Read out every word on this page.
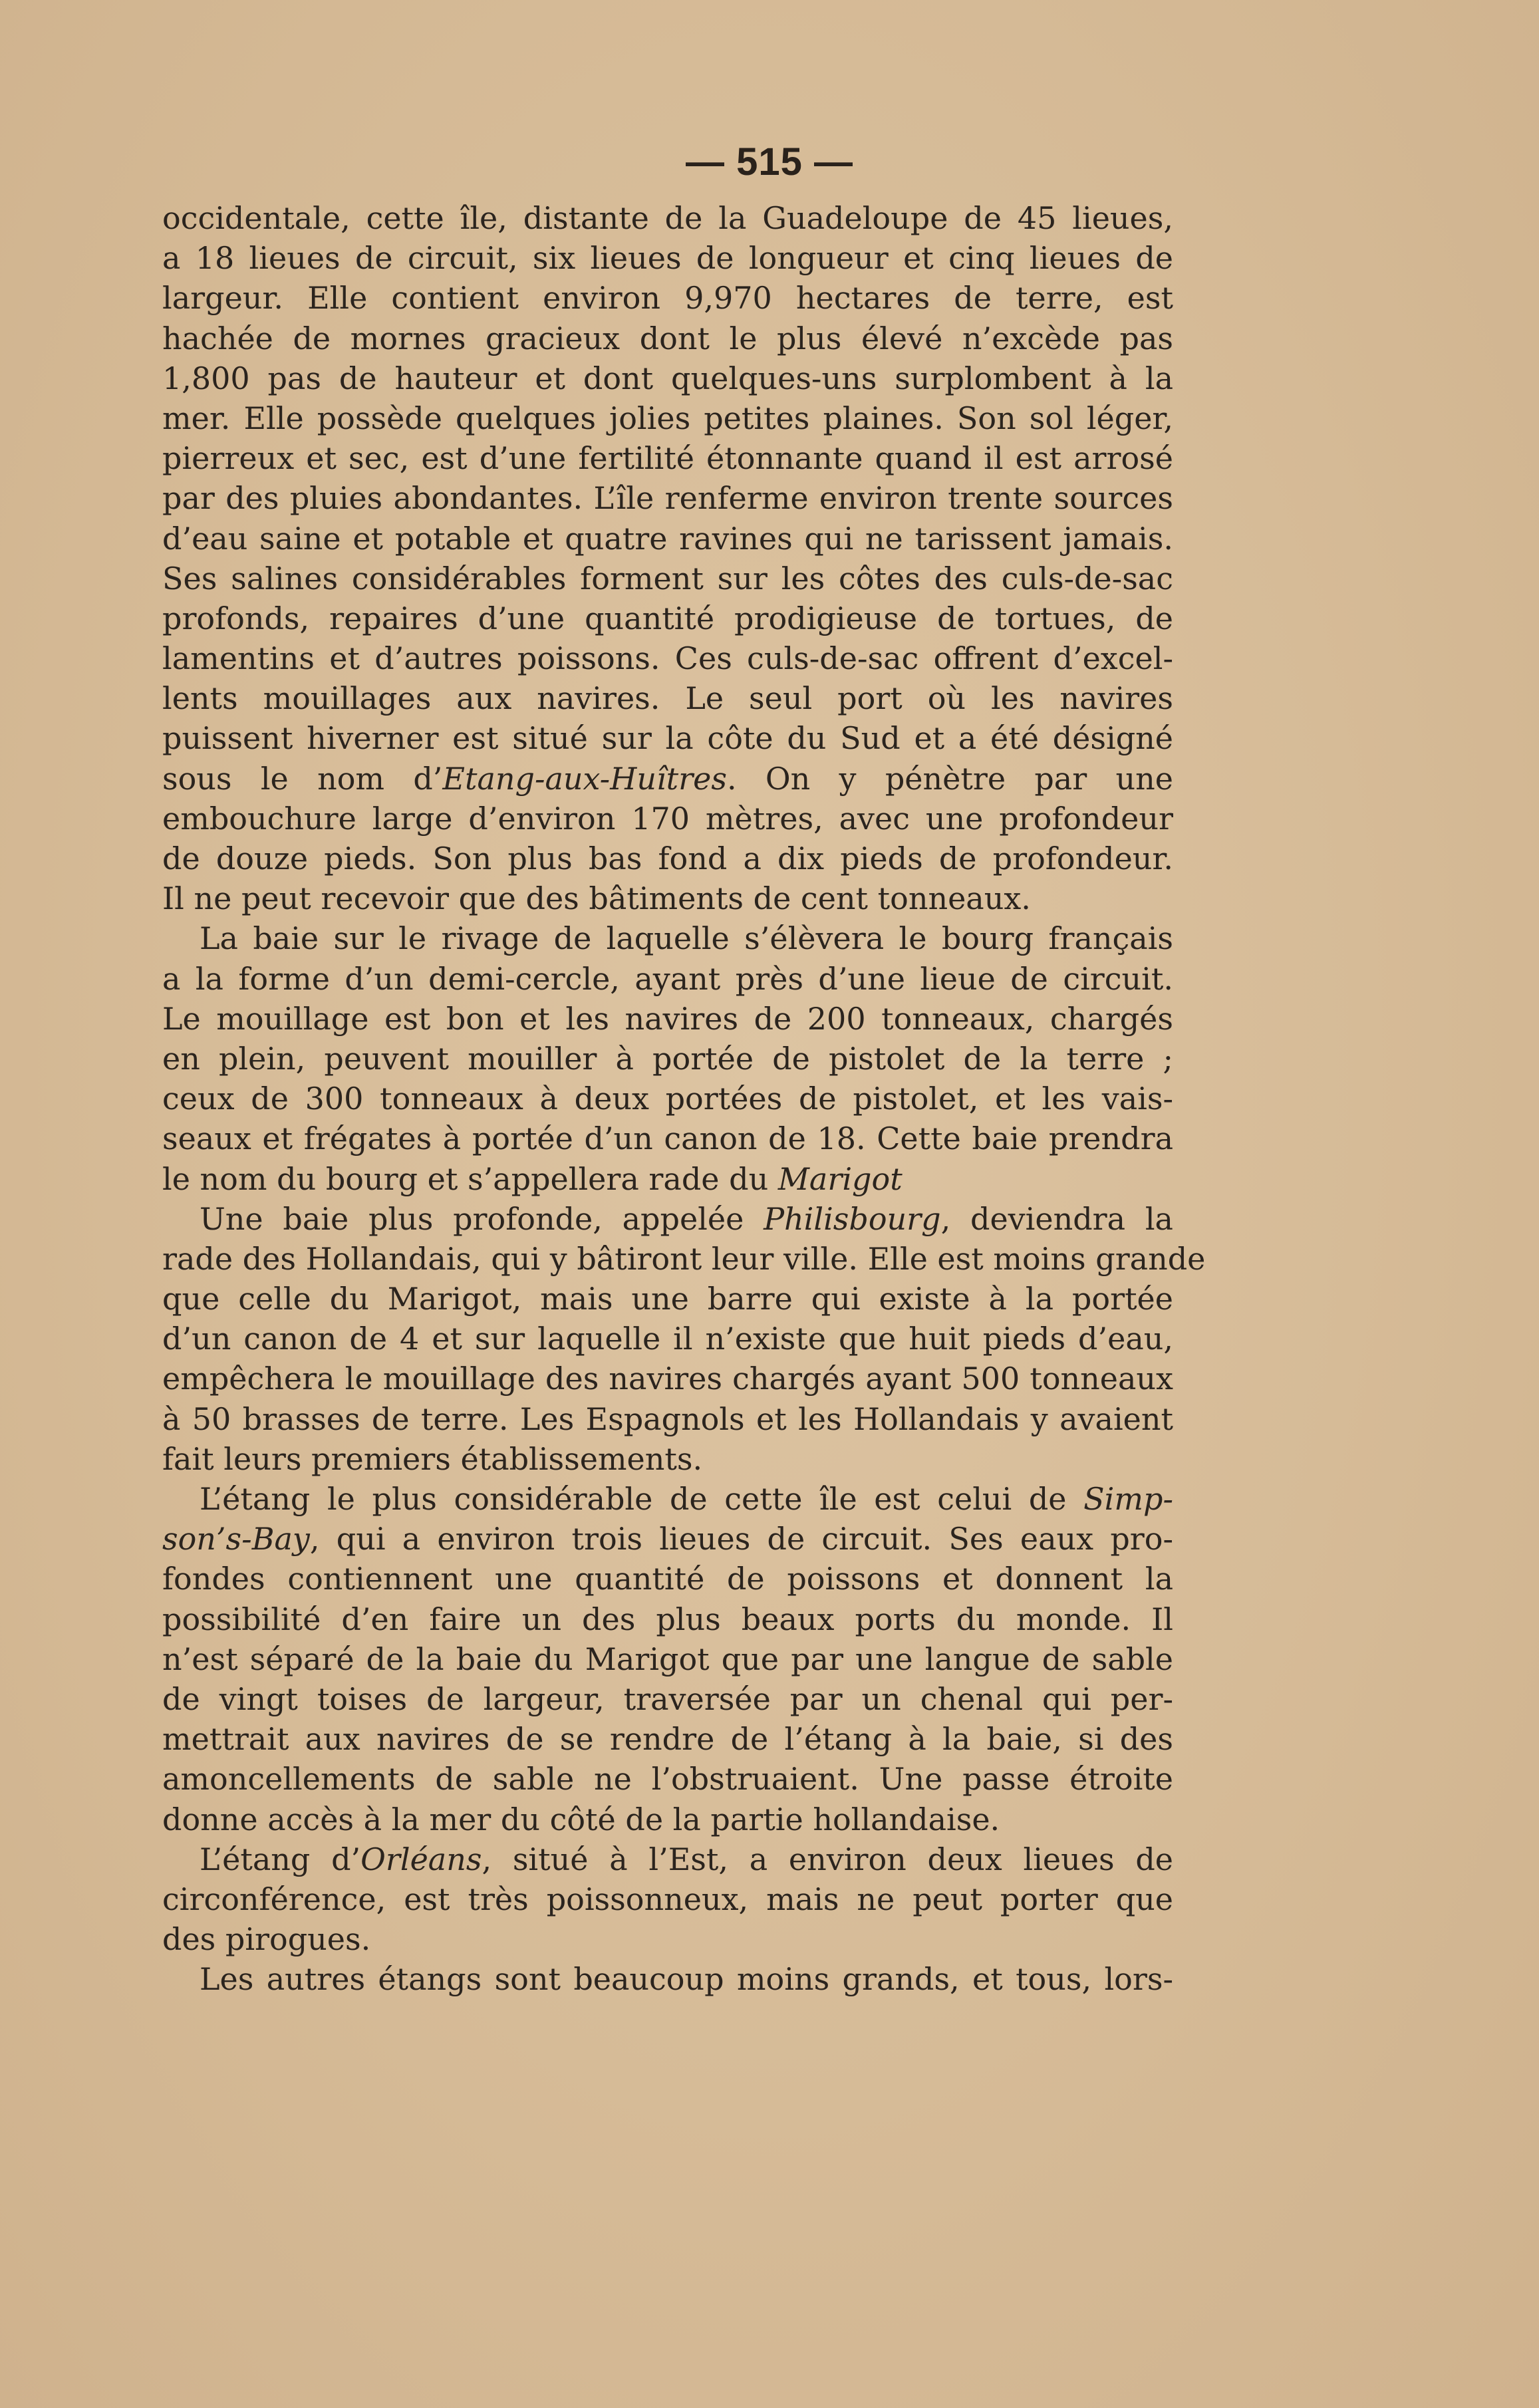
— 515 —
occidentale, cette île, distante de la Guadeloupe de 45 lieues,
a 18 lieues de circuit, six lieues de longueur et cinq lieues de
largeur. Elle contient environ 9,970 hectares de terre, est
hachée de mornes gracieux dont le plus élevé n’excède pas
1,800 pas de hauteur et dont quelques-uns surplombent à la
mer. Elle possède quelques jolies petites plaines. Son sol léger,
pierreux et sec, est d’une fertilité étonnante quand il est arrosé
par des pluies abondantes. L’île renferme environ trente sources
d’eau saine et potable et quatre ravines qui ne tarissent jamais.
Ses salines considérables forment sur les côtes des culs-de-sac
profonds, repaires d’une quantité prodigieuse de tortues, de
lamentins et d’autres poissons. Ces culs-de-sac offrent d’excel-
lents mouillages aux navires. Le seul port où les navires
puissent hiverner est situé sur la côte du Sud et a été désigné
sous le nom d’Etang-aux-Huîtres. On y pénètre par une
embouchure large d’environ 170 mètres, avec une profondeur
de douze pieds. Son plus bas fond a dix pieds de profondeur.
Il ne peut recevoir que des bâtiments de cent tonneaux.
La baie sur le rivage de laquelle s’élèvera le bourg français
a la forme d’un demi-cercle, ayant près d’une lieue de circuit.
Le mouillage est bon et les navires de 200 tonneaux, chargés
en plein, peuvent mouiller à portée de pistolet de la terre ;
ceux de 300 tonneaux à deux portées de pistolet, et les vais-
seaux et frégates à portée d’un canon de 18. Cette baie prendra
le nom du bourg et s’appellera rade du Marigot
Une baie plus profonde, appelée Philisbourg, deviendra la
rade des Hollandais, qui y bâtiront leur ville. Elle est moins grande
que celle du Marigot, mais une barre qui existe à la portée
d’un canon de 4 et sur laquelle il n’existe que huit pieds d’eau,
empêchera le mouillage des navires chargés ayant 500 tonneaux
à 50 brasses de terre. Les Espagnols et les Hollandais y avaient
fait leurs premiers établissements.
L’étang le plus considérable de cette île est celui de Simp-
son’s-Bay, qui a environ trois lieues de circuit. Ses eaux pro-
fondes contiennent une quantité de poissons et donnent la
possibilité d’en faire un des plus beaux ports du monde. Il
n’est séparé de la baie du Marigot que par une langue de sable
de vingt toises de largeur, traversée par un chenal qui per-
mettrait aux navires de se rendre de l’étang à la baie, si des
amoncellements de sable ne l’obstruaient. Une passe étroite
donne accès à la mer du côté de la partie hollandaise.
L’étang d’Orléans, situé à l’Est, a environ deux lieues de
circonférence, est très poissonneux, mais ne peut porter que
des pirogues.
Les autres étangs sont beaucoup moins grands, et tous, lors-
